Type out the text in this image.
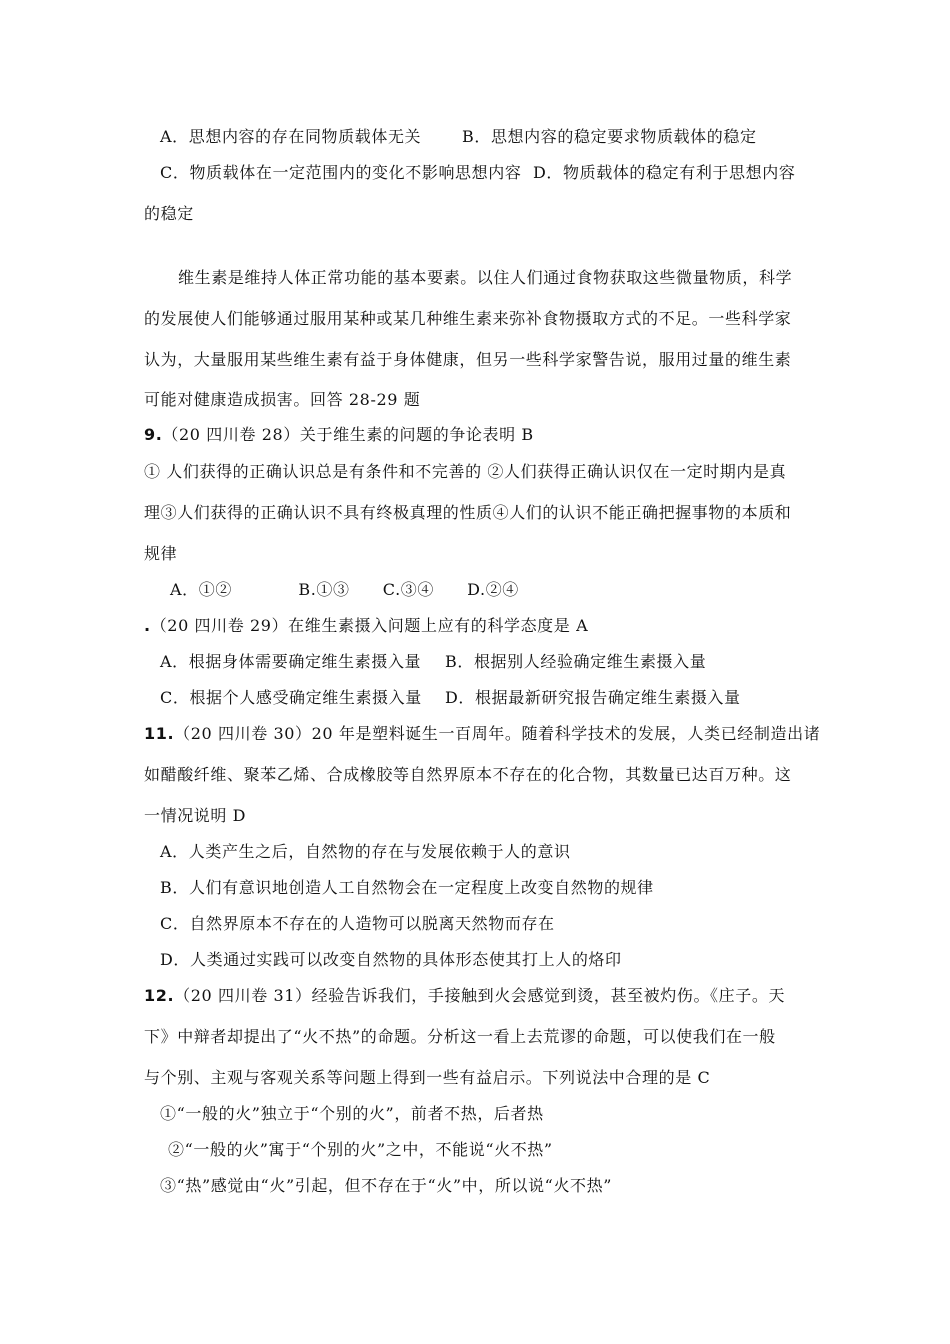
A．思想内容的存在同物质载体无关	B．思想内容的稳定要求物质载体的稳定
C．物质载体在一定范围内的变化不影响思想内容 D．物质载体的稳定有利于思想内容
的稳定
维生素是维持人体正常功能的基本要素。以住人们通过食物获取这些微量物质，科学
的发展使人们能够通过服用某种或某几种维生素来弥补食物摄取方式的不足。一些科学家
认为，大量服用某些维生素有益于身体健康，但另一些科学家警告说，服用过量的维生素
可能对健康造成损害。回答 28-29 题
9.（20 四川卷 28）关于维生素的问题的争论表明 B
① 人们获得的正确认识总是有条件和不完善的 ②人们获得正确认识仅在一定时期内是真
理③人们获得的正确认识不具有终极真理的性质④人们的认识不能正确把握事物的本质和
规律
A．①②　　　　B.①③　　C.③④　　D.②④
.（20 四川卷 29）在维生素摄入问题上应有的科学态度是 A
A．根据身体需要确定维生素摄入量 B．根据别人经验确定维生素摄入量
C．根据个人感受确定维生素摄入量 D．根据最新研究报告确定维生素摄入量
11.（20 四川卷 30）20 年是塑料诞生一百周年。随着科学技术的发展，人类已经制造出诸
如醋酸纤维、聚苯乙烯、合成橡胶等自然界原本不存在的化合物，其数量已达百万种。这
一情况说明 D
A．人类产生之后，自然物的存在与发展依赖于人的意识
B．人们有意识地创造人工自然物会在一定程度上改变自然物的规律
C．自然界原本不存在的人造物可以脱离天然物而存在
D．人类通过实践可以改变自然物的具体形态使其打上人的烙印
12.（20 四川卷 31）经验告诉我们，手接触到火会感觉到烫，甚至被灼伤。《庄子。天
下》中辩者却提出了“火不热”的命题。分析这一看上去荒谬的命题，可以使我们在一般
与个别、主观与客观关系等问题上得到一些有益启示。下列说法中合理的是 C
①“一般的火”独立于“个别的火”，前者不热，后者热
②“一般的火”寓于“个别的火”之中，不能说“火不热”
③“热”感觉由“火”引起，但不存在于“火”中，所以说“火不热”
